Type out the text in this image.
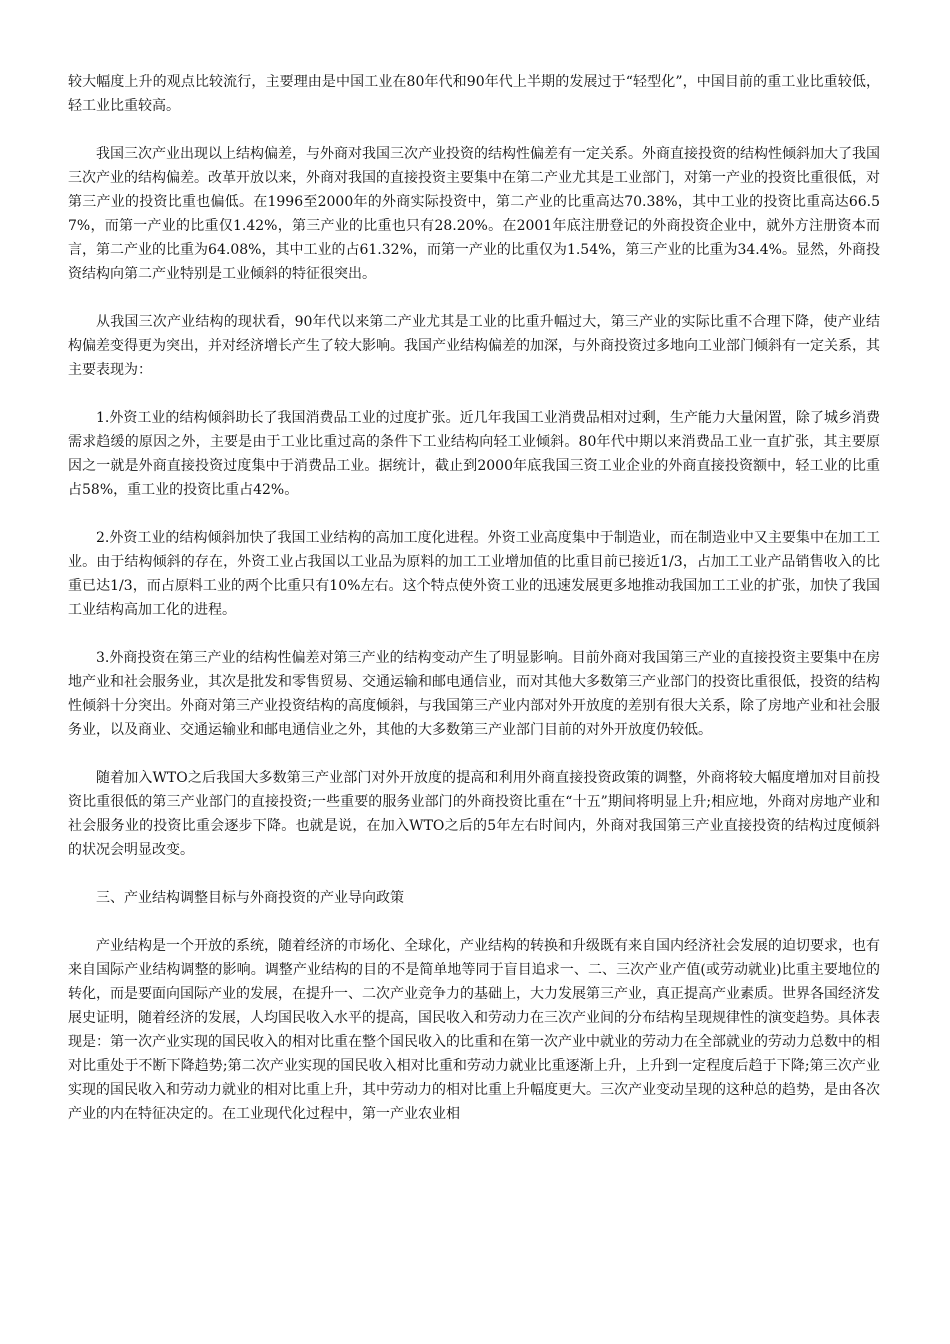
较大幅度上升的观点比较流行，主要理由是中国工业在80年代和90年代上半期的发展过于“轻型化”，中国目前的重工业比重较低，轻工业比重较高。

我国三次产业出现以上结构偏差，与外商对我国三次产业投资的结构性偏差有一定关系。外商直接投资的结构性倾斜加大了我国三次产业的结构偏差。改革开放以来，外商对我国的直接投资主要集中在第二产业尤其是工业部门，对第一产业的投资比重很低，对第三产业的投资比重也偏低。在1996至2000年的外商实际投资中，第二产业的比重高达70.38%，其中工业的投资比重高达66.57%，而第一产业的比重仅1.42%，第三产业的比重也只有28.20%。在2001年底注册登记的外商投资企业中，就外方注册资本而言，第二产业的比重为64.08%，其中工业的占61.32%，而第一产业的比重仅为1.54%，第三产业的比重为34.4%。显然，外商投资结构向第二产业特别是工业倾斜的特征很突出。

从我国三次产业结构的现状看，90年代以来第二产业尤其是工业的比重升幅过大，第三产业的实际比重不合理下降，使产业结构偏差变得更为突出，并对经济增长产生了较大影响。我国产业结构偏差的加深，与外商投资过多地向工业部门倾斜有一定关系，其主要表现为：

1.外资工业的结构倾斜助长了我国消费品工业的过度扩张。近几年我国工业消费品相对过剩，生产能力大量闲置，除了城乡消费需求趋缓的原因之外，主要是由于工业比重过高的条件下工业结构向轻工业倾斜。80年代中期以来消费品工业一直扩张，其主要原因之一就是外商直接投资过度集中于消费品工业。据统计，截止到2000年底我国三资工业企业的外商直接投资额中，轻工业的比重占58%，重工业的投资比重占42%。

2.外资工业的结构倾斜加快了我国工业结构的高加工度化进程。外资工业高度集中于制造业，而在制造业中又主要集中在加工工业。由于结构倾斜的存在，外资工业占我国以工业品为原料的加工工业增加值的比重目前已接近1/3，占加工工业产品销售收入的比重已达1/3，而占原料工业的两个比重只有10%左右。这个特点使外资工业的迅速发展更多地推动我国加工工业的扩张，加快了我国工业结构高加工化的进程。

3.外商投资在第三产业的结构性偏差对第三产业的结构变动产生了明显影响。目前外商对我国第三产业的直接投资主要集中在房地产业和社会服务业，其次是批发和零售贸易、交通运输和邮电通信业，而对其他大多数第三产业部门的投资比重很低，投资的结构性倾斜十分突出。外商对第三产业投资结构的高度倾斜，与我国第三产业内部对外开放度的差别有很大关系，除了房地产业和社会服务业，以及商业、交通运输业和邮电通信业之外，其他的大多数第三产业部门目前的对外开放度仍较低。

随着加入WTO之后我国大多数第三产业部门对外开放度的提高和利用外商直接投资政策的调整，外商将较大幅度增加对目前投资比重很低的第三产业部门的直接投资;一些重要的服务业部门的外商投资比重在“十五”期间将明显上升;相应地，外商对房地产业和社会服务业的投资比重会逐步下降。也就是说，在加入WTO之后的5年左右时间内，外商对我国第三产业直接投资的结构过度倾斜的状况会明显改变。

三、产业结构调整目标与外商投资的产业导向政策

产业结构是一个开放的系统，随着经济的市场化、全球化，产业结构的转换和升级既有来自国内经济社会发展的迫切要求，也有来自国际产业结构调整的影响。调整产业结构的目的不是简单地等同于盲目追求一、二、三次产业产值(或劳动就业)比重主要地位的转化，而是要面向国际产业的发展，在提升一、二次产业竞争力的基础上，大力发展第三产业，真正提高产业素质。世界各国经济发展史证明，随着经济的发展，人均国民收入水平的提高，国民收入和劳动力在三次产业间的分布结构呈现规律性的演变趋势。具体表现是：第一次产业实现的国民收入的相对比重在整个国民收入的比重和在第一次产业中就业的劳动力在全部就业的劳动力总数中的相对比重处于不断下降趋势;第二次产业实现的国民收入相对比重和劳动力就业比重逐渐上升，上升到一定程度后趋于下降;第三次产业实现的国民收入和劳动力就业的相对比重上升，其中劳动力的相对比重上升幅度更大。三次产业变动呈现的这种总的趋势，是由各次产业的内在特征决定的。在工业现代化过程中，第一产业农业相
